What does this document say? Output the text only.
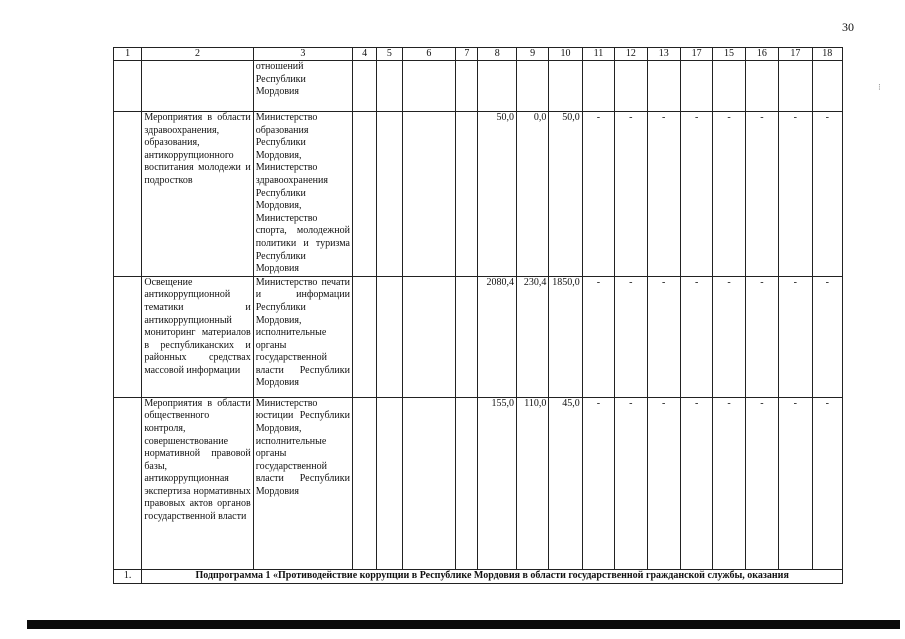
30
1	2	3	4	5	6	7	8	9	10	11	12	13	17	15	16	17	18
		отношений
Республики
Мордовия															
	Мероприятия в области здравоохранения, образования, антикоррупционного воспитания молодежи и подростков	Министерство образования Республики Мордовия, Министерство здравоохранения Республики Мордовия, Министерство спорта, молодежной политики и туризма Республики Мордовия					50,0	0,0	50,0	-	-	-	-	-	-	-	-
	Освещение антикоррупционной тематики и антикоррупционный мониторинг материалов в республиканских и районных средствах массовой информации	Министерство печати и информации Республики Мордовия, исполнительные органы государственной власти Республики Мордовия					2080,4	230,4	1850,0	-	-	-	-	-	-	-	-
	Мероприятия в области общественного контроля, совершенствование нормативной правовой базы, антикоррупционная экспертиза нормативных правовых актов органов государственной власти	Министерство юстиции Республики Мордовия, исполнительные органы государственной власти Республики Мордовия					155,0	110,0	45,0	-	-	-	-	-	-	-	-
1.	Подпрограмма 1 «Противодействие коррупции в Республике Мордовия в области государственной гражданской службы, оказания																
⁝
